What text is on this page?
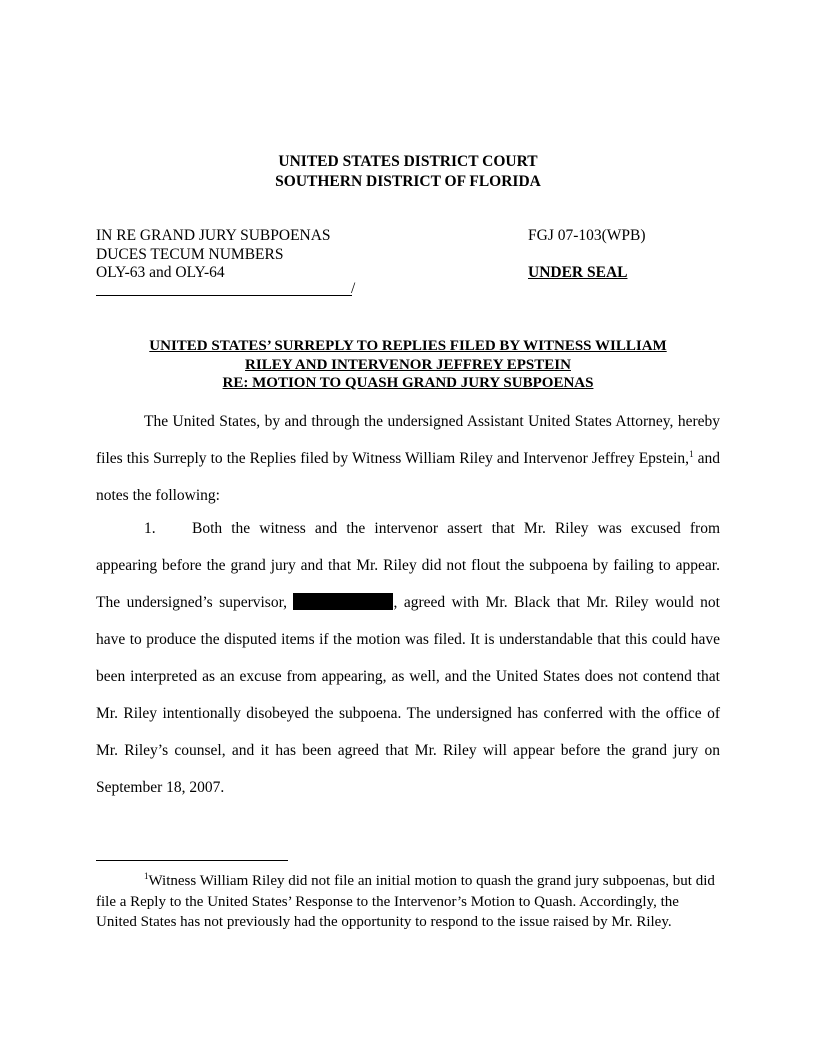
UNITED STATES DISTRICT COURT
SOUTHERN DISTRICT OF FLORIDA
IN RE GRAND JURY SUBPOENAS
DUCES TECUM NUMBERS
OLY-63 and OLY-64
/
FGJ 07-103(WPB)
UNDER SEAL
UNITED STATES’ SURREPLY TO REPLIES FILED BY WITNESS WILLIAM
RILEY AND INTERVENOR JEFFREY EPSTEIN
RE: MOTION TO QUASH GRAND JURY SUBPOENAS

The United States, by and through the undersigned Assistant United States Attorney, hereby files this Surreply to the Replies filed by Witness William Riley and Intervenor Jeffrey Epstein,$^1$ and notes the following:

1. Both the witness and the intervenor assert that Mr. Riley was excused from appearing before the grand jury and that Mr. Riley did not flout the subpoena by failing to appear. The undersigned’s supervisor,	, agreed with Mr. Black that Mr. Riley would not have to produce the disputed items if the motion was filed. It is understandable that this could have been interpreted as an excuse from appearing, as well, and the United States does not contend that Mr. Riley intentionally disobeyed the subpoena. The undersigned has conferred with the office of Mr. Riley’s counsel, and it has been agreed that Mr. Riley will appear before the grand jury on September 18, 2007.

$^1$Witness William Riley did not file an initial motion to quash the grand jury subpoenas, but did file a Reply to the United States’ Response to the Intervenor’s Motion to Quash. Accordingly, the United States has not previously had the opportunity to respond to the issue raised by Mr. Riley.
